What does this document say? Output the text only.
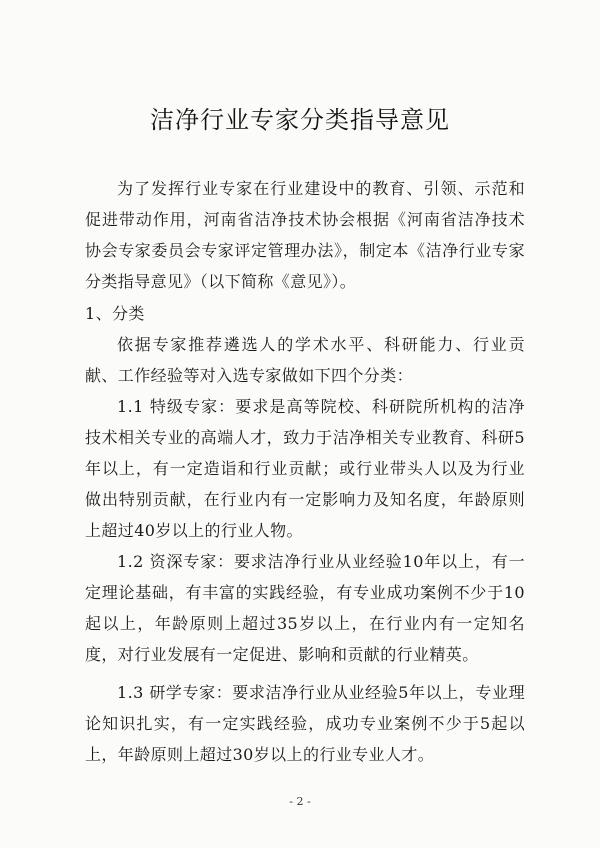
洁净行业专家分类指导意见

为了发挥行业专家在行业建设中的教育、引领、示范和促进带动作用，河南省洁净技术协会根据《河南省洁净技术协会专家委员会专家评定管理办法》，制定本《洁净行业专家分类指导意见》（以下简称《意见》）。

1、分类

依据专家推荐遴选人的学术水平、科研能力、行业贡献、工作经验等对入选专家做如下四个分类：

1.1 特级专家：要求是高等院校、科研院所机构的洁净技术相关专业的高端人才，致力于洁净相关专业教育、科研5年以上，有一定造诣和行业贡献；或行业带头人以及为行业做出特别贡献，在行业内有一定影响力及知名度，年龄原则上超过40岁以上的行业人物。

1.2 资深专家：要求洁净行业从业经验10年以上，有一定理论基础，有丰富的实践经验，有专业成功案例不少于10起以上，年龄原则上超过35岁以上，在行业内有一定知名度，对行业发展有一定促进、影响和贡献的行业精英。

1.3 研学专家：要求洁净行业从业经验5年以上，专业理论知识扎实，有一定实践经验，成功专业案例不少于5起以上，年龄原则上超过30岁以上的行业专业人才。

- 2 -
